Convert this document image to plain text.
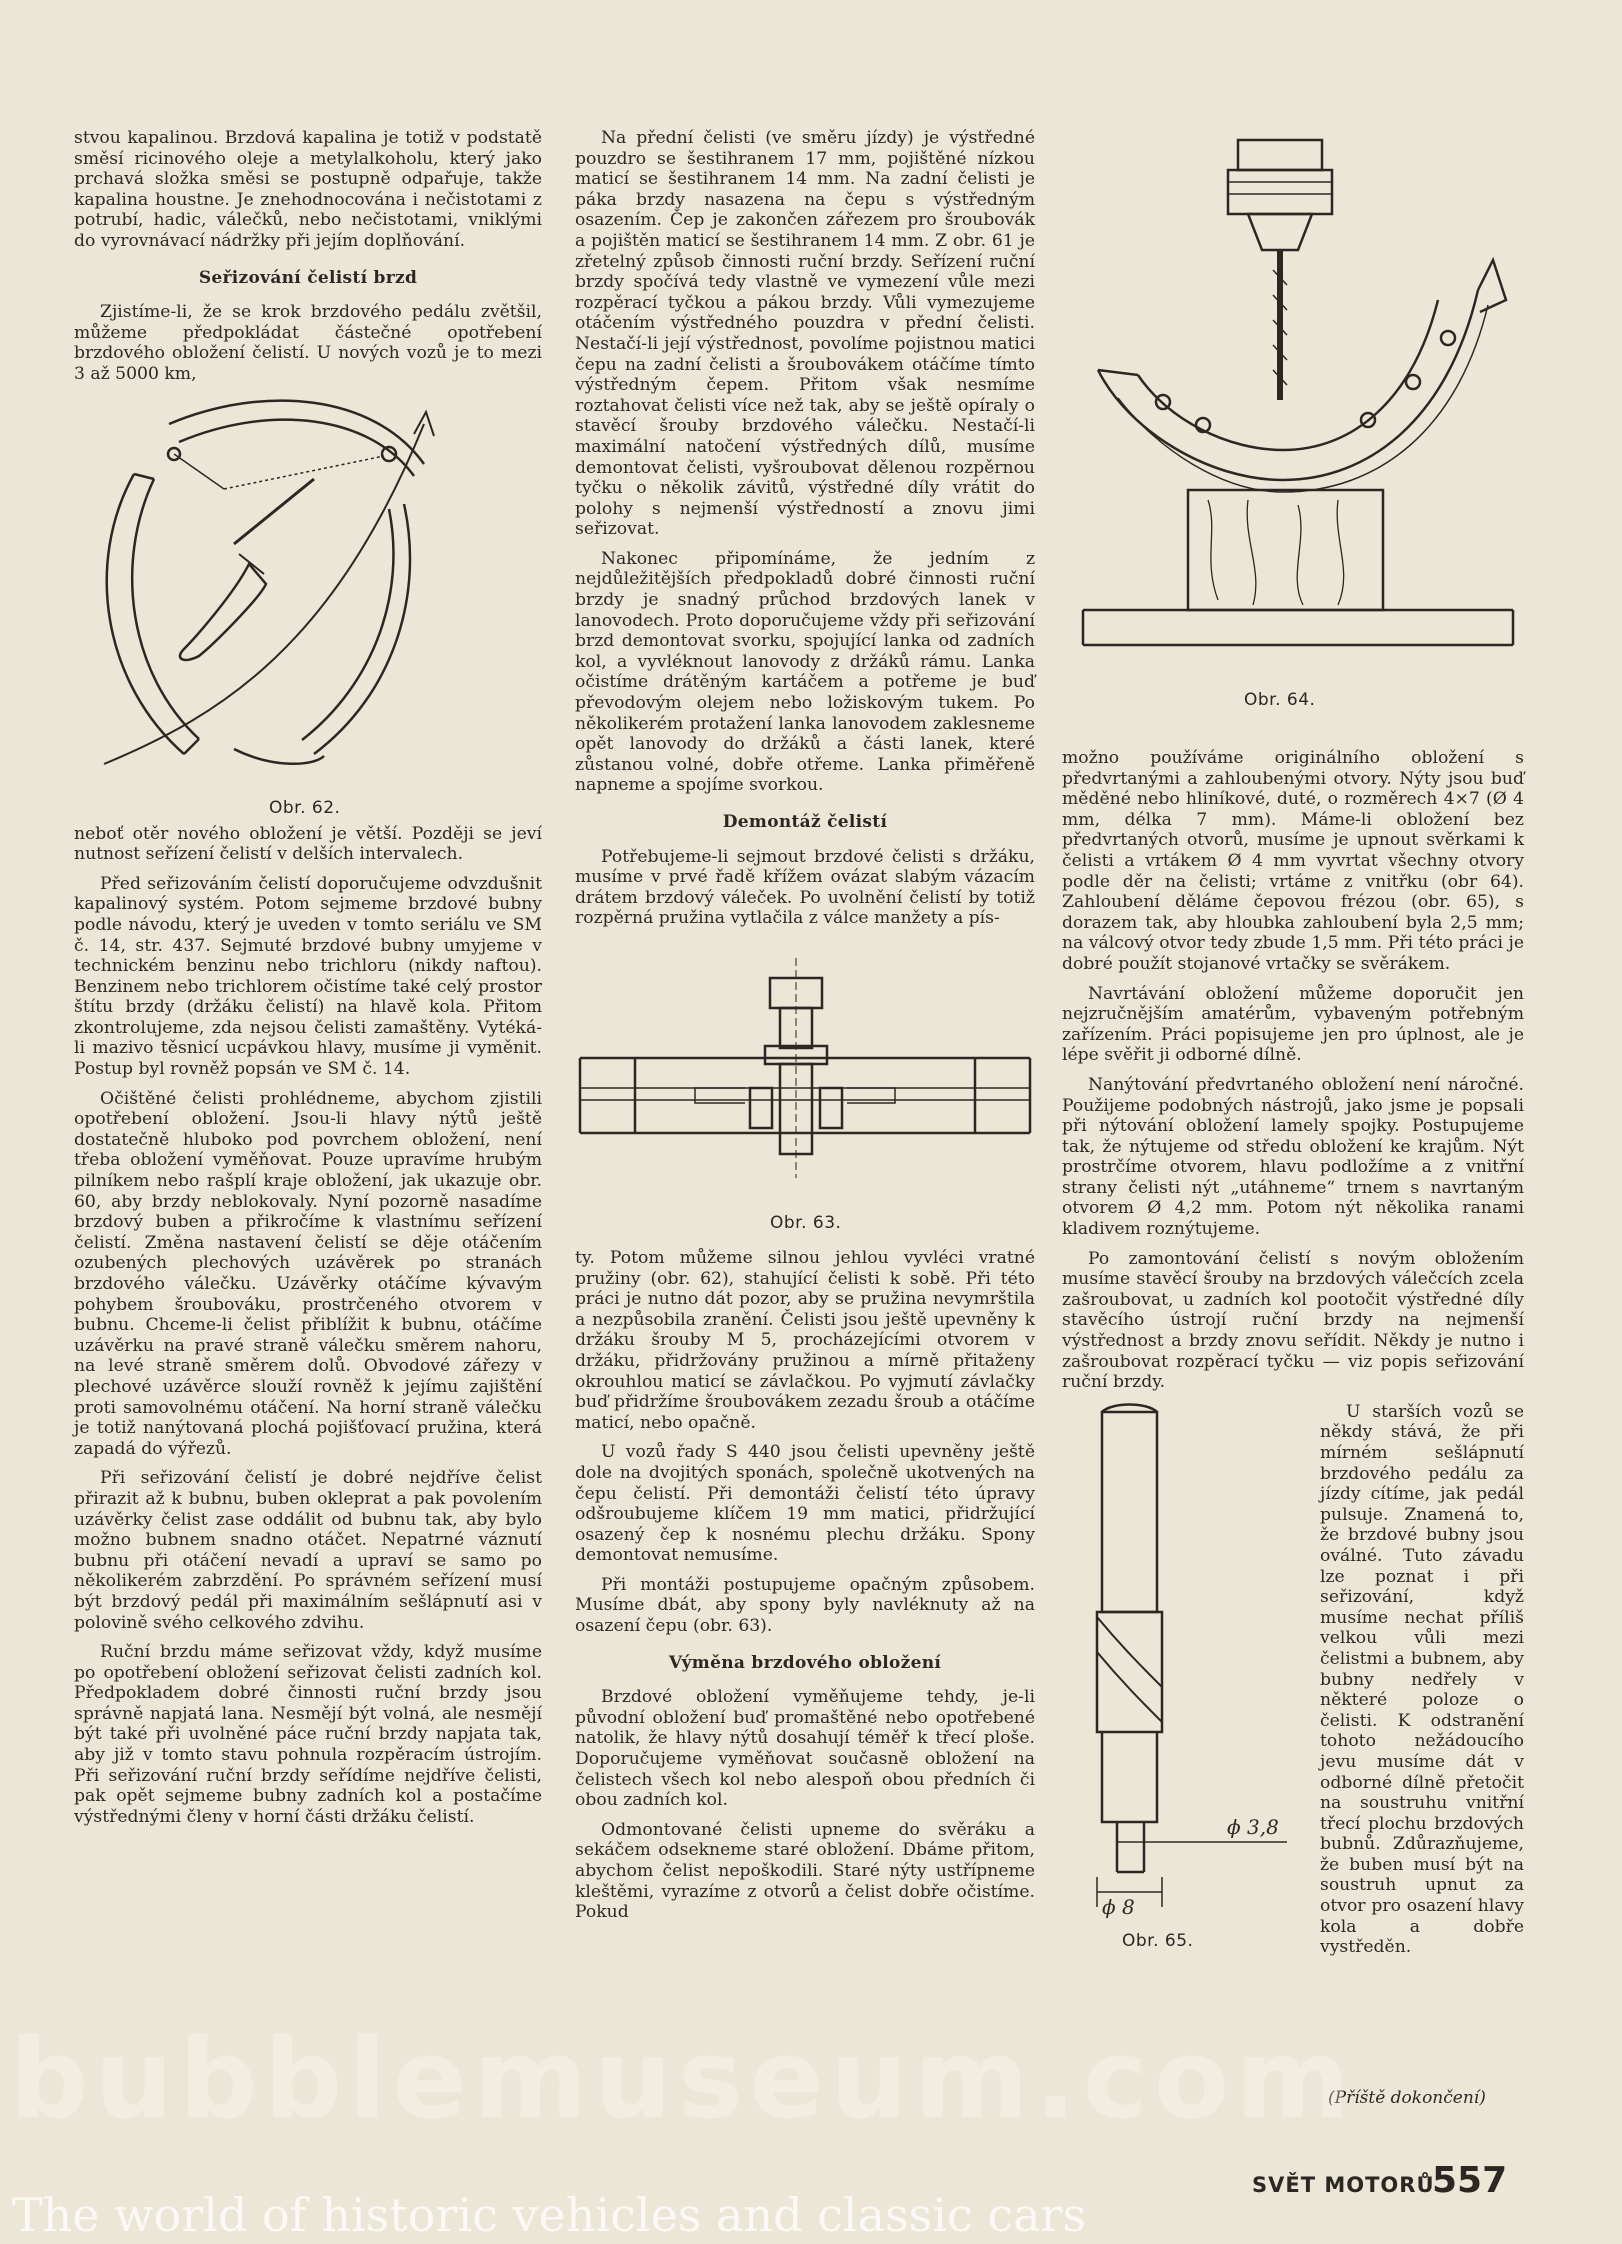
stvou kapalinou. Brzdová kapalina je totiž v podstatě směsí ricinového oleje a metylalkoholu, který jako prchavá složka směsi se postupně odpařuje, takže kapalina houstne. Je znehodnocována i nečistotami z potrubí, hadic, válečků, nebo nečistotami, vniklými do vyrovnávací nádržky při jejím doplňování.

Seřizování čelistí brzd

Zjistíme-li, že se krok brzdového pedálu zvětšil, můžeme předpokládat částečné opotřebení brzdového obložení čelistí. U nových vozů je to mezi 3 až 5000 km,

Obr. 62.

neboť otěr nového obložení je větší. Později se jeví nutnost seřízení čelistí v delších intervalech.

Před seřizováním čelistí doporučujeme odvzdušnit kapalinový systém. Potom sejmeme brzdové bubny podle návodu, který je uveden v tomto seriálu ve SM č. 14, str. 437. Sejmuté brzdové bubny umyjeme v technickém benzinu nebo trichloru (nikdy naftou). Benzinem nebo trichlorem očistíme také celý prostor štítu brzdy (držáku čelistí) na hlavě kola. Přitom zkontrolujeme, zda nejsou čelisti zamaštěny. Vytéká-li mazivo těsnicí ucpávkou hlavy, musíme ji vyměnit. Postup byl rovněž popsán ve SM č. 14.

Očištěné čelisti prohlédneme, abychom zjistili opotřebení obložení. Jsou-li hlavy nýtů ještě dostatečně hluboko pod povrchem obložení, není třeba obložení vyměňovat. Pouze upravíme hrubým pilníkem nebo rašplí kraje obložení, jak ukazuje obr. 60, aby brzdy neblokovaly. Nyní pozorně nasadíme brzdový buben a přikročíme k vlastnímu seřízení čelistí. Změna nastavení čelistí se děje otáčením ozubených plechových uzávěrek po stranách brzdového válečku. Uzávěrky otáčíme kývavým pohybem šroubováku, prostrčeného otvorem v bubnu. Chceme-li čelist přiblížit k bubnu, otáčíme uzávěrku na pravé straně válečku směrem nahoru, na levé straně směrem dolů. Obvodové zářezy v plechové uzávěrce slouží rovněž k jejímu zajištění proti samovolnému otáčení. Na horní straně válečku je totiž nanýtovaná plochá pojišťovací pružina, která zapadá do výřezů.

Při seřizování čelistí je dobré nejdříve čelist přirazit až k bubnu, buben okleprat a pak povolením uzávěrky čelist zase oddálit od bubnu tak, aby bylo možno bubnem snadno otáčet. Nepatrné váznutí bubnu při otáčení nevadí a upraví se samo po několikerém zabrzdění. Po správném seřízení musí být brzdový pedál při maximálním sešlápnutí asi v polovině svého celkového zdvihu.

Ruční brzdu máme seřizovat vždy, když musíme po opotřebení obložení seřizovat čelisti zadních kol. Předpokladem dobré činnosti ruční brzdy jsou správně napjatá lana. Nesmějí být volná, ale nesmějí být také při uvolněné páce ruční brzdy napjata tak, aby již v tomto stavu pohnula rozpěracím ústrojím. Při seřizování ruční brzdy seřídíme nejdříve čelisti, pak opět sejmeme bubny zadních kol a postačíme výstřednými členy v horní části držáku čelistí.

Na přední čelisti (ve směru jízdy) je výstředné pouzdro se šestihranem 17 mm, pojištěné nízkou maticí se šestihranem 14 mm. Na zadní čelisti je páka brzdy nasazena na čepu s výstředným osazením. Čep je zakončen zářezem pro šroubovák a pojištěn maticí se šestihranem 14 mm. Z obr. 61 je zřetelný způsob činnosti ruční brzdy. Seřízení ruční brzdy spočívá tedy vlastně ve vymezení vůle mezi rozpěrací tyčkou a pákou brzdy. Vůli vymezujeme otáčením výstředného pouzdra v přední čelisti. Nestačí-li její výstřednost, povolíme pojistnou matici čepu na zadní čelisti a šroubovákem otáčíme tímto výstředným čepem. Přitom však nesmíme roztahovat čelisti více než tak, aby se ještě opíraly o stavěcí šrouby brzdového válečku. Nestačí-li maximální natočení výstředných dílů, musíme demontovat čelisti, vyšroubovat dělenou rozpěrnou tyčku o několik závitů, výstředné díly vrátit do polohy s nejmenší výstředností a znovu jimi seřizovat.

Nakonec připomínáme, že jedním z nejdůležitějších předpokladů dobré činnosti ruční brzdy je snadný průchod brzdových lanek v lanovodech. Proto doporučujeme vždy při seřizování brzd demontovat svorku, spojující lanka od zadních kol, a vyvléknout lanovody z držáků rámu. Lanka očistíme drátěným kartáčem a potřeme je buď převodovým olejem nebo ložiskovým tukem. Po několikerém protažení lanka lanovodem zaklesneme opět lanovody do držáků a části lanek, které zůstanou volné, dobře otřeme. Lanka přiměřeně napneme a spojíme svorkou.

Demontáž čelistí

Potřebujeme-li sejmout brzdové čelisti s držáku, musíme v prvé řadě křížem ovázat slabým vázacím drátem brzdový váleček. Po uvolnění čelistí by totiž rozpěrná pružina vytlačila z válce manžety a pís-

Obr. 63.

ty. Potom můžeme silnou jehlou vyvléci vratné pružiny (obr. 62), stahující čelisti k sobě. Při této práci je nutno dát pozor, aby se pružina nevymrštila a nezpůsobila zranění. Čelisti jsou ještě upevněny k držáku šrouby M 5, procházejícími otvorem v držáku, přidržovány pružinou a mírně přitaženy okrouhlou maticí se závlačkou. Po vyjmutí závlačky buď přidržíme šroubovákem zezadu šroub a otáčíme maticí, nebo opačně.

U vozů řady S 440 jsou čelisti upevněny ještě dole na dvojitých sponách, společně ukotvených na čepu čelistí. Při demontáži čelistí této úpravy odšroubujeme klíčem 19 mm matici, přidržující osazený čep k nosnému plechu držáku. Spony demontovat nemusíme.

Při montáži postupujeme opačným způsobem. Musíme dbát, aby spony byly navléknuty až na osazení čepu (obr. 63).

Výměna brzdového obložení

Brzdové obložení vyměňujeme tehdy, je-li původní obložení buď promaštěné nebo opotřebené natolik, že hlavy nýtů dosahují téměř k třecí ploše. Doporučujeme vyměňovat současně obložení na čelistech všech kol nebo alespoň obou předních či obou zadních kol.

Odmontované čelisti upneme do svěráku a sekáčem odsekneme staré obložení. Dbáme přitom, abychom čelist nepoškodili. Staré nýty ustřípneme kleštěmi, vyrazíme z otvorů a čelist dobře očistíme. Pokud

Obr. 64.

možno používáme originálního obložení s předvrtanými a zahloubenými otvory. Nýty jsou buď měděné nebo hliníkové, duté, o rozměrech 4×7 (Ø 4 mm, délka 7 mm). Máme-li obložení bez předvrtaných otvorů, musíme je upnout svěrkami k čelisti a vrtákem Ø 4 mm vyvrtat všechny otvory podle děr na čelisti; vrtáme z vnitřku (obr 64). Zahloubení děláme čepovou frézou (obr. 65), s dorazem tak, aby hloubka zahloubení byla 2,5 mm; na válcový otvor tedy zbude 1,5 mm. Při této práci je dobré použít stojanové vrtačky se svěrákem.

Navrtávání obložení můžeme doporučit jen nejzručnějším amatérům, vybaveným potřebným zařízením. Práci popisujeme jen pro úplnost, ale je lépe svěřit ji odborné dílně.

Nanýtování předvrtaného obložení není náročné. Použijeme podobných nástrojů, jako jsme je popsali při nýtování obložení lamely spojky. Postupujeme tak, že nýtujeme od středu obložení ke krajům. Nýt prostrčíme otvorem, hlavu podložíme a z vnitřní strany čelisti nýt „utáhneme“ trnem s navrtaným otvorem Ø 4,2 mm. Potom nýt několika ranami kladivem roznýtujeme.

Po zamontování čelistí s novým obložením musíme stavěcí šrouby na brzdových válečcích zcela zašroubovat, u zadních kol pootočit výstředné díly stavěcího ústrojí ruční brzdy na nejmenší výstřednost a brzdy znovu seřídit. Někdy je nutno i zašroubovat rozpěrací tyčku — viz popis seřizování ruční brzdy.

ϕ 3,8
ϕ 8
Obr. 65.

U starších vozů se někdy stává, že při mírném sešlápnutí brzdového pedálu za jízdy cítíme, jak pedál pulsuje. Znamená to, že brzdové bubny jsou oválné. Tuto závadu lze poznat i při seřizování, když musíme nechat příliš velkou vůli mezi čelistmi a bubnem, aby bubny nedřely v některé poloze o čelisti. K odstranění tohoto nežádoucího jevu musíme dát v odborné dílně přetočit na soustruhu vnitřní třecí plochu brzdových bubnů. Zdůrazňujeme, že buben musí být na soustruh upnut za otvor pro osazení hlavy kola a dobře vystředěn.

(Příště dokončení)
SVĚT MOTORŮ
557
bubblemuseum.com
The world of historic vehicles and classic cars
